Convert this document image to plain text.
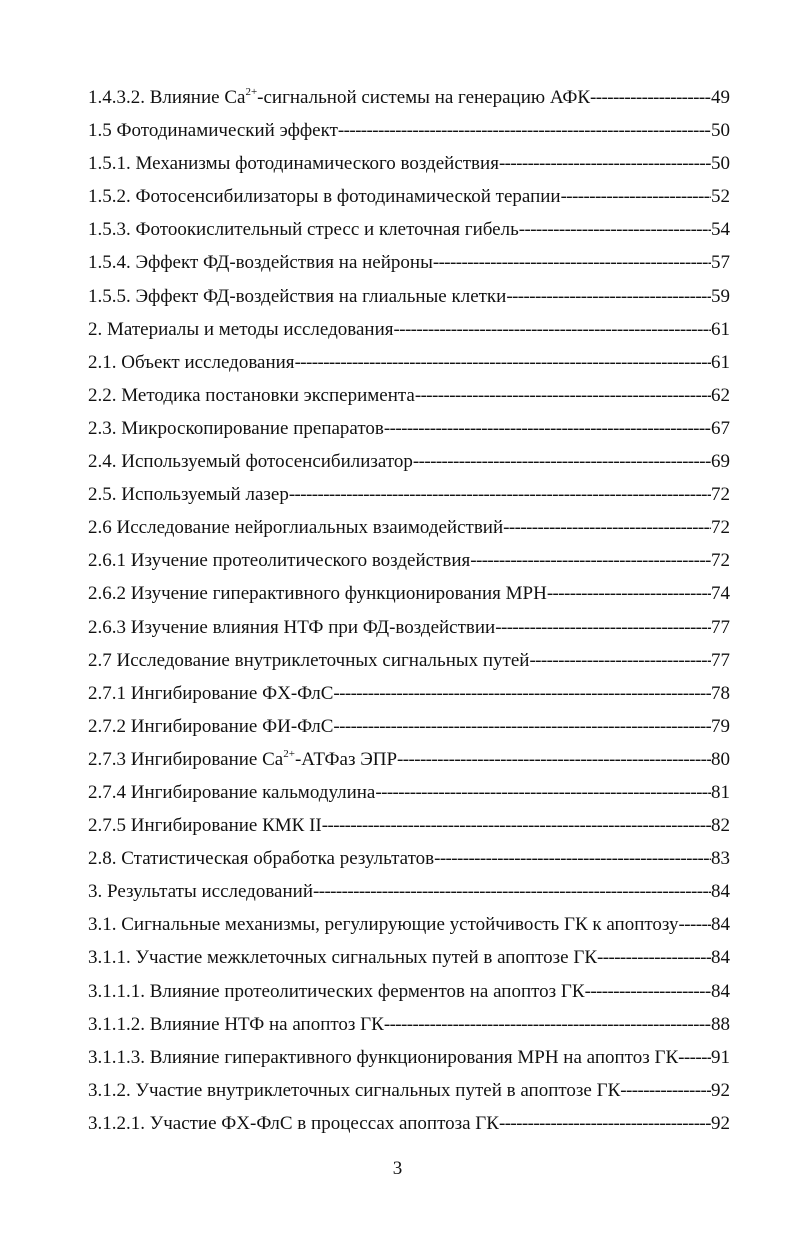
1.4.3.2. Влияние $Ca^{2+}$-сигнальной системы на генерацию АФК -----	49
1.5 Фотодинамический эффект -----	50
1.5.1. Механизмы фотодинамического воздействия -----	50
1.5.2. Фотосенсибилизаторы в фотодинамической терапии -----	52
1.5.3. Фотоокислительный стресс и клеточная гибель -----	54
1.5.4. Эффект ФД-воздействия на нейроны -----	57
1.5.5. Эффект ФД-воздействия на глиальные клетки -----	59
2. Материалы и методы исследования -----	61
2.1. Объект исследования -----	61
2.2. Методика постановки эксперимента -----	62
2.3. Микроскопирование препаратов -----	67
2.4. Используемый фотосенсибилизатор -----	69
2.5. Используемый лазер -----	72
2.6 Исследование нейроглиальных взаимодействий -----	72
2.6.1 Изучение протеолитического воздействия -----	72
2.6.2 Изучение гиперактивного функционирования МРН -----	74
2.6.3 Изучение влияния НТФ при ФД-воздействии -----	77
2.7 Исследование внутриклеточных сигнальных путей -----	77
2.7.1 Ингибирование ФХ-ФлС -----	78
2.7.2 Ингибирование ФИ-ФлС -----	79
2.7.3 Ингибирование $Ca^{2+}$-АТФаз ЭПР -----	80
2.7.4 Ингибирование кальмодулина -----	81
2.7.5 Ингибирование КМК II -----	82
2.8. Статистическая обработка результатов -----	83
3. Результаты исследований -----	84
3.1. Сигнальные механизмы, регулирующие устойчивость ГК к апоптозу ----- 84
3.1.1. Участие межклеточных сигнальных путей в апоптозе ГК -----	84
3.1.1.1. Влияние протеолитических ферментов на апоптоз ГК -----	84
3.1.1.2. Влияние НТФ на апоптоз ГК -----	88
3.1.1.3. Влияние гиперактивного функционирования МРН на апоптоз ГК ----- 91
3.1.2. Участие внутриклеточных сигнальных путей в апоптозе ГК -----	92
3.1.2.1. Участие ФХ-ФлС в процессах апоптоза ГК -----	92
3
